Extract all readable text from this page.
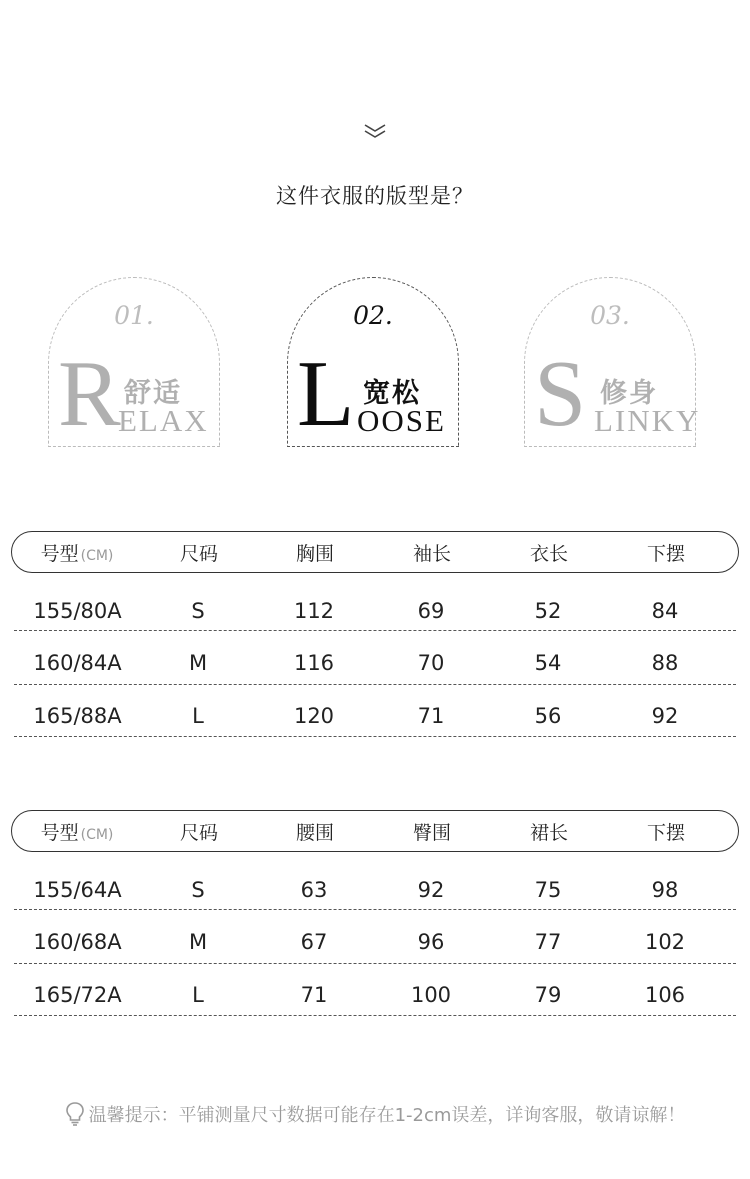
这件衣服的版型是？
01.
R 舒适
ELAX
02.
L 宽松
OOSE
03.
S 修身
LINKY
号型 (CM)	尺码	胸围	袖长	衣长	下摆
155/80A	S	112	69	52	84
160/84A	M	116	70	54	88
165/88A	L	120	71	56	92
号型 (CM)	尺码	腰围	臀围	裙长	下摆
155/64A	S	63	92	75	98
160/68A	M	67	96	77	102
165/72A	L	71	100	79	106
温馨提示：平铺测量尺寸数据可能存在1-2cm误差，详询客服，敬请谅解！
